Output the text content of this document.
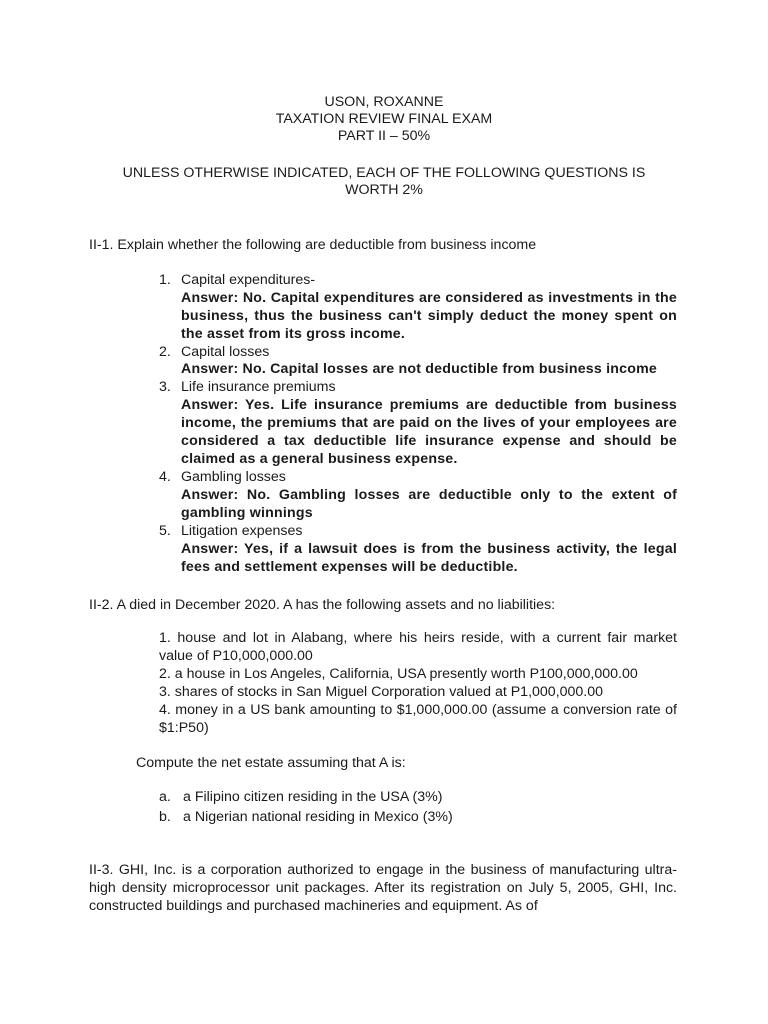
USON, ROXANNE
TAXATION REVIEW FINAL EXAM
PART II – 50%
UNLESS OTHERWISE INDICATED, EACH OF THE FOLLOWING QUESTIONS IS
WORTH 2%
II-1. Explain whether the following are deductible from business income
1. Capital expenditures-
Answer: No. Capital expenditures are considered as investments in the business, thus the business can't simply deduct the money spent on the asset from its gross income.
2. Capital losses
Answer: No. Capital losses are not deductible from business income
3. Life insurance premiums
Answer: Yes. Life insurance premiums are deductible from business income, the premiums that are paid on the lives of your employees are considered a tax deductible life insurance expense and should be claimed as a general business expense.
4. Gambling losses
Answer: No. Gambling losses are deductible only to the extent of gambling winnings
5. Litigation expenses
Answer: Yes, if a lawsuit does is from the business activity, the legal fees and settlement expenses will be deductible.
II-2. A died in December 2020. A has the following assets and no liabilities:
1. house and lot in Alabang, where his heirs reside, with a current fair market value of P10,000,000.00
2. a house in Los Angeles, California, USA presently worth P100,000,000.00
3. shares of stocks in San Miguel Corporation valued at P1,000,000.00
4. money in a US bank amounting to $1,000,000.00 (assume a conversion rate of $1:P50)
Compute the net estate assuming that A is:
a. a Filipino citizen residing in the USA (3%)
b. a Nigerian national residing in Mexico (3%)
II-3. GHI, Inc. is a corporation authorized to engage in the business of manufacturing ultra-high density microprocessor unit packages. After its registration on July 5, 2005, GHI, Inc. constructed buildings and purchased machineries and equipment. As of
